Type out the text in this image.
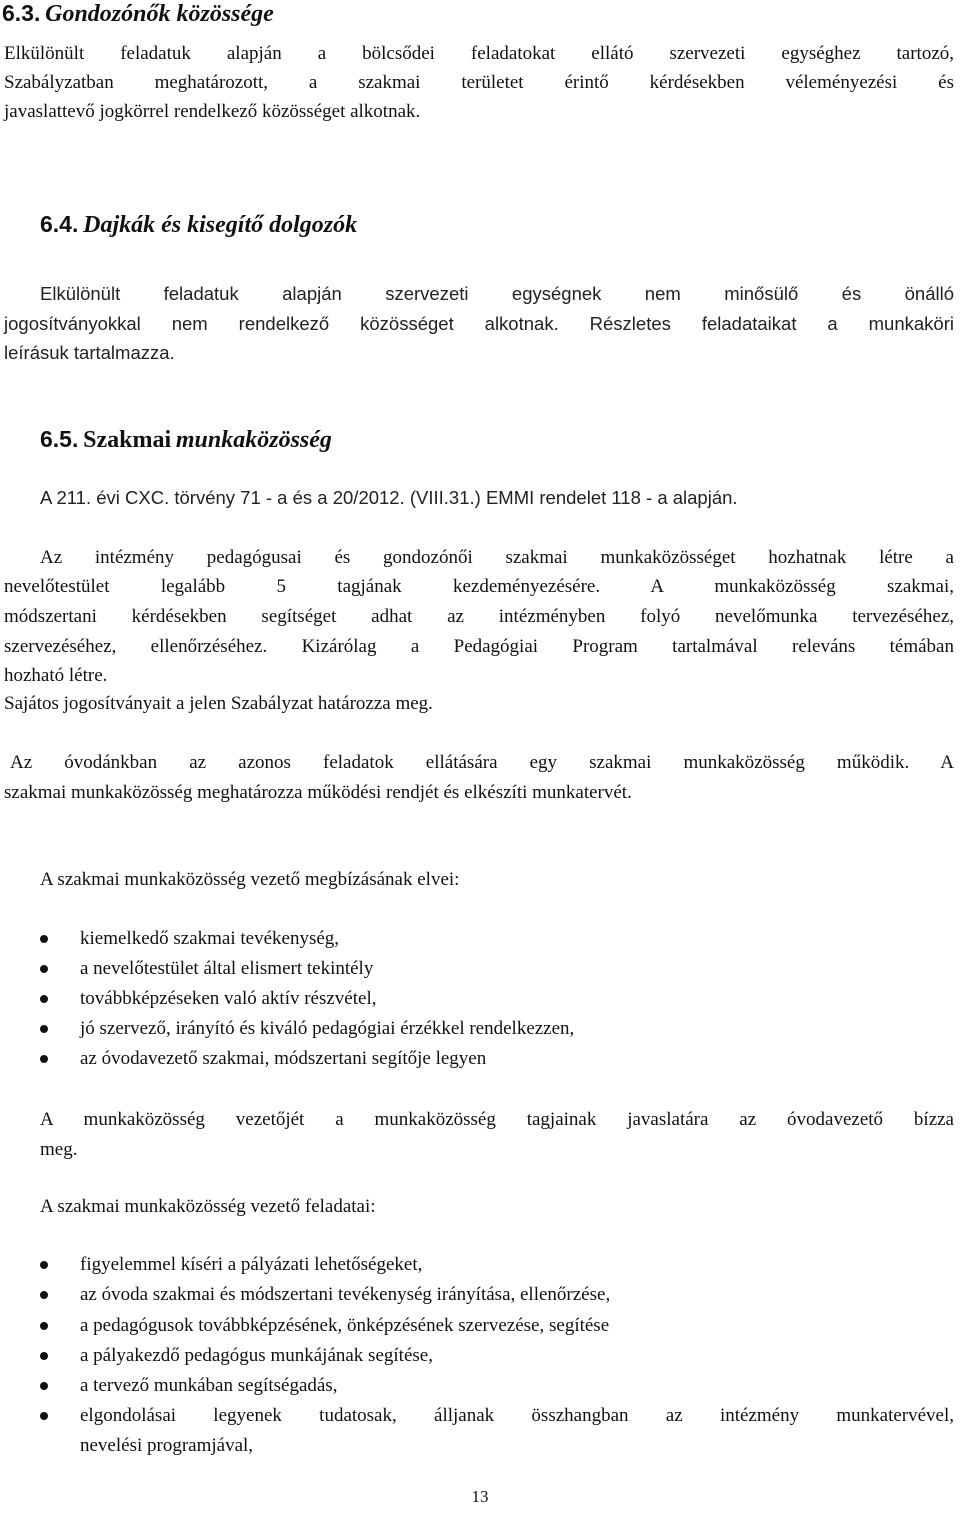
6.3. Gondozónők közössége
Elkülönült feladatuk alapján a bölcsődei feladatokat ellátó szervezeti egységhez tartozó,
Szabályzatban meghatározott, a szakmai területet érintő kérdésekben véleményezési és
javaslattevő jogkörrel rendelkező közösséget alkotnak.
6.4. Dajkák és kisegítő dolgozók
Elkülönült feladatuk alapján szervezeti egységnek nem minősülő és önálló
jogosítványokkal nem rendelkező közösséget alkotnak. Részletes feladataikat a munkaköri
leírásuk tartalmazza.
6.5. Szakmai munkaközösség
A 211. évi CXC. törvény 71 - a és a 20/2012. (VIII.31.) EMMI rendelet 118 - a alapján.
Az intézmény pedagógusai és gondozónői szakmai munkaközösséget hozhatnak létre a
nevelőtestület legalább 5 tagjának kezdeményezésére. A munkaközösség szakmai,
módszertani kérdésekben segítséget adhat az intézményben folyó nevelőmunka tervezéséhez,
szervezéséhez, ellenőrzéséhez. Kizárólag a Pedagógiai Program tartalmával releváns témában
hozható létre.
Sajátos jogosítványait a jelen Szabályzat határozza meg.
Az óvodánkban az azonos feladatok ellátására egy szakmai munkaközösség működik. A
szakmai munkaközösség meghatározza működési rendjét és elkészíti munkatervét.
A szakmai munkaközösség vezető megbízásának elvei:
kiemelkedő szakmai tevékenység,
a nevelőtestület által elismert tekintély
továbbképzéseken való aktív részvétel,
jó szervező, irányító és kiváló pedagógiai érzékkel rendelkezzen,
az óvodavezető szakmai, módszertani segítője legyen
A munkaközösség vezetőjét a munkaközösség tagjainak javaslatára az óvodavezető bízza
meg.
A szakmai munkaközösség vezető feladatai:
figyelemmel kíséri a pályázati lehetőségeket,
az óvoda szakmai és módszertani tevékenység irányítása, ellenőrzése,
a pedagógusok továbbképzésének, önképzésének szervezése, segítése
a pályakezdő pedagógus munkájának segítése,
a tervező munkában segítségadás,
elgondolásai legyenek tudatosak, álljanak összhangban az intézmény munkatervével,
nevelési programjával,
13
